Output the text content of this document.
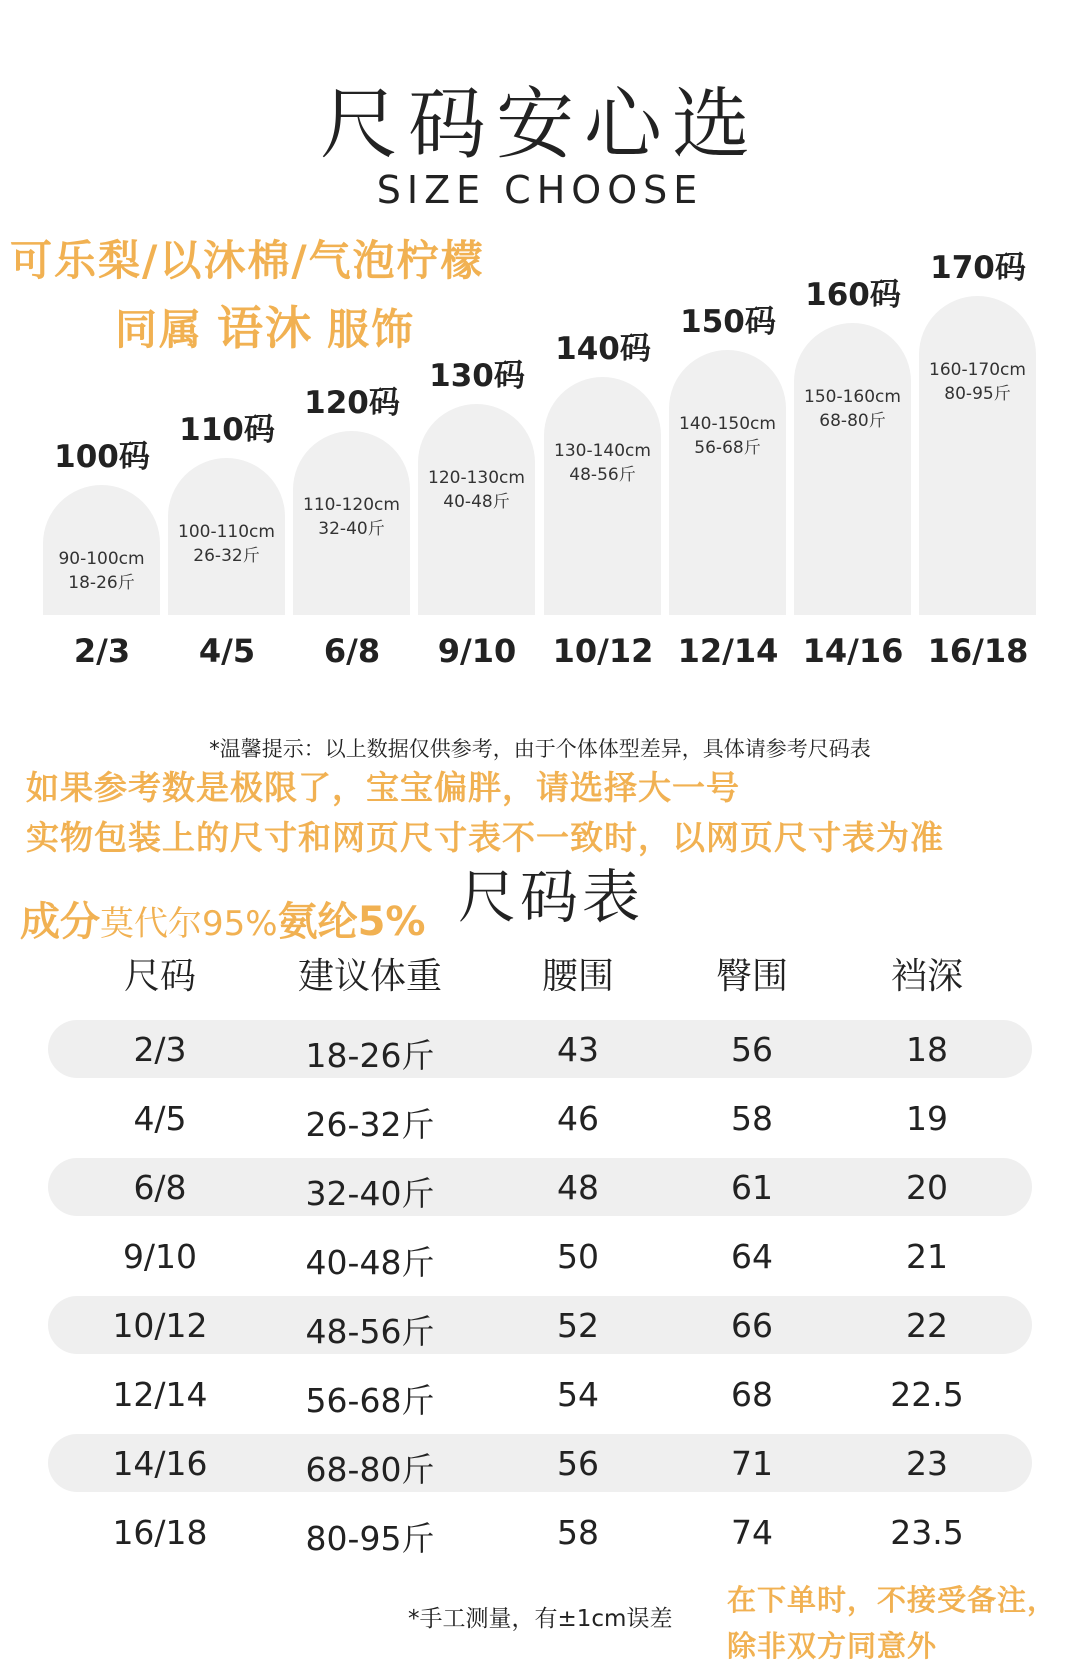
尺码安心选
SIZE CHOOSE
可乐梨/以沐棉/气泡柠檬
同属 语沐 服饰
90-100cm
18-26斤
100码
2/3
100-110cm
26-32斤
110码
4/5
110-120cm
32-40斤
120码
6/8
120-130cm
40-48斤
130码
9/10
130-140cm
48-56斤
140码
10/12
140-150cm
56-68斤
150码
12/14
150-160cm
68-80斤
160码
14/16
160-170cm
80-95斤
170码
16/18
*温馨提示：以上数据仅供参考，由于个体体型差异，具体请参考尺码表
如果参考数是极限了，宝宝偏胖，请选择大一号
实物包装上的尺寸和网页尺寸表不一致时，以网页尺寸表为准
尺码表
成分莫代尔95%氨纶5%
尺码	建议体重	腰围	臀围	裆深
2/3	18-26斤	43	56	18
4/5	26-32斤	46	58	19
6/8	32-40斤	48	61	20
9/10	40-48斤	50	64	21
10/12	48-56斤	52	66	22
12/14	56-68斤	54	68	22.5
14/16	68-80斤	56	71	23
16/18	80-95斤	58	74	23.5
*手工测量，有±1cm误差
在下单时，不接受备注，
除非双方同意外
